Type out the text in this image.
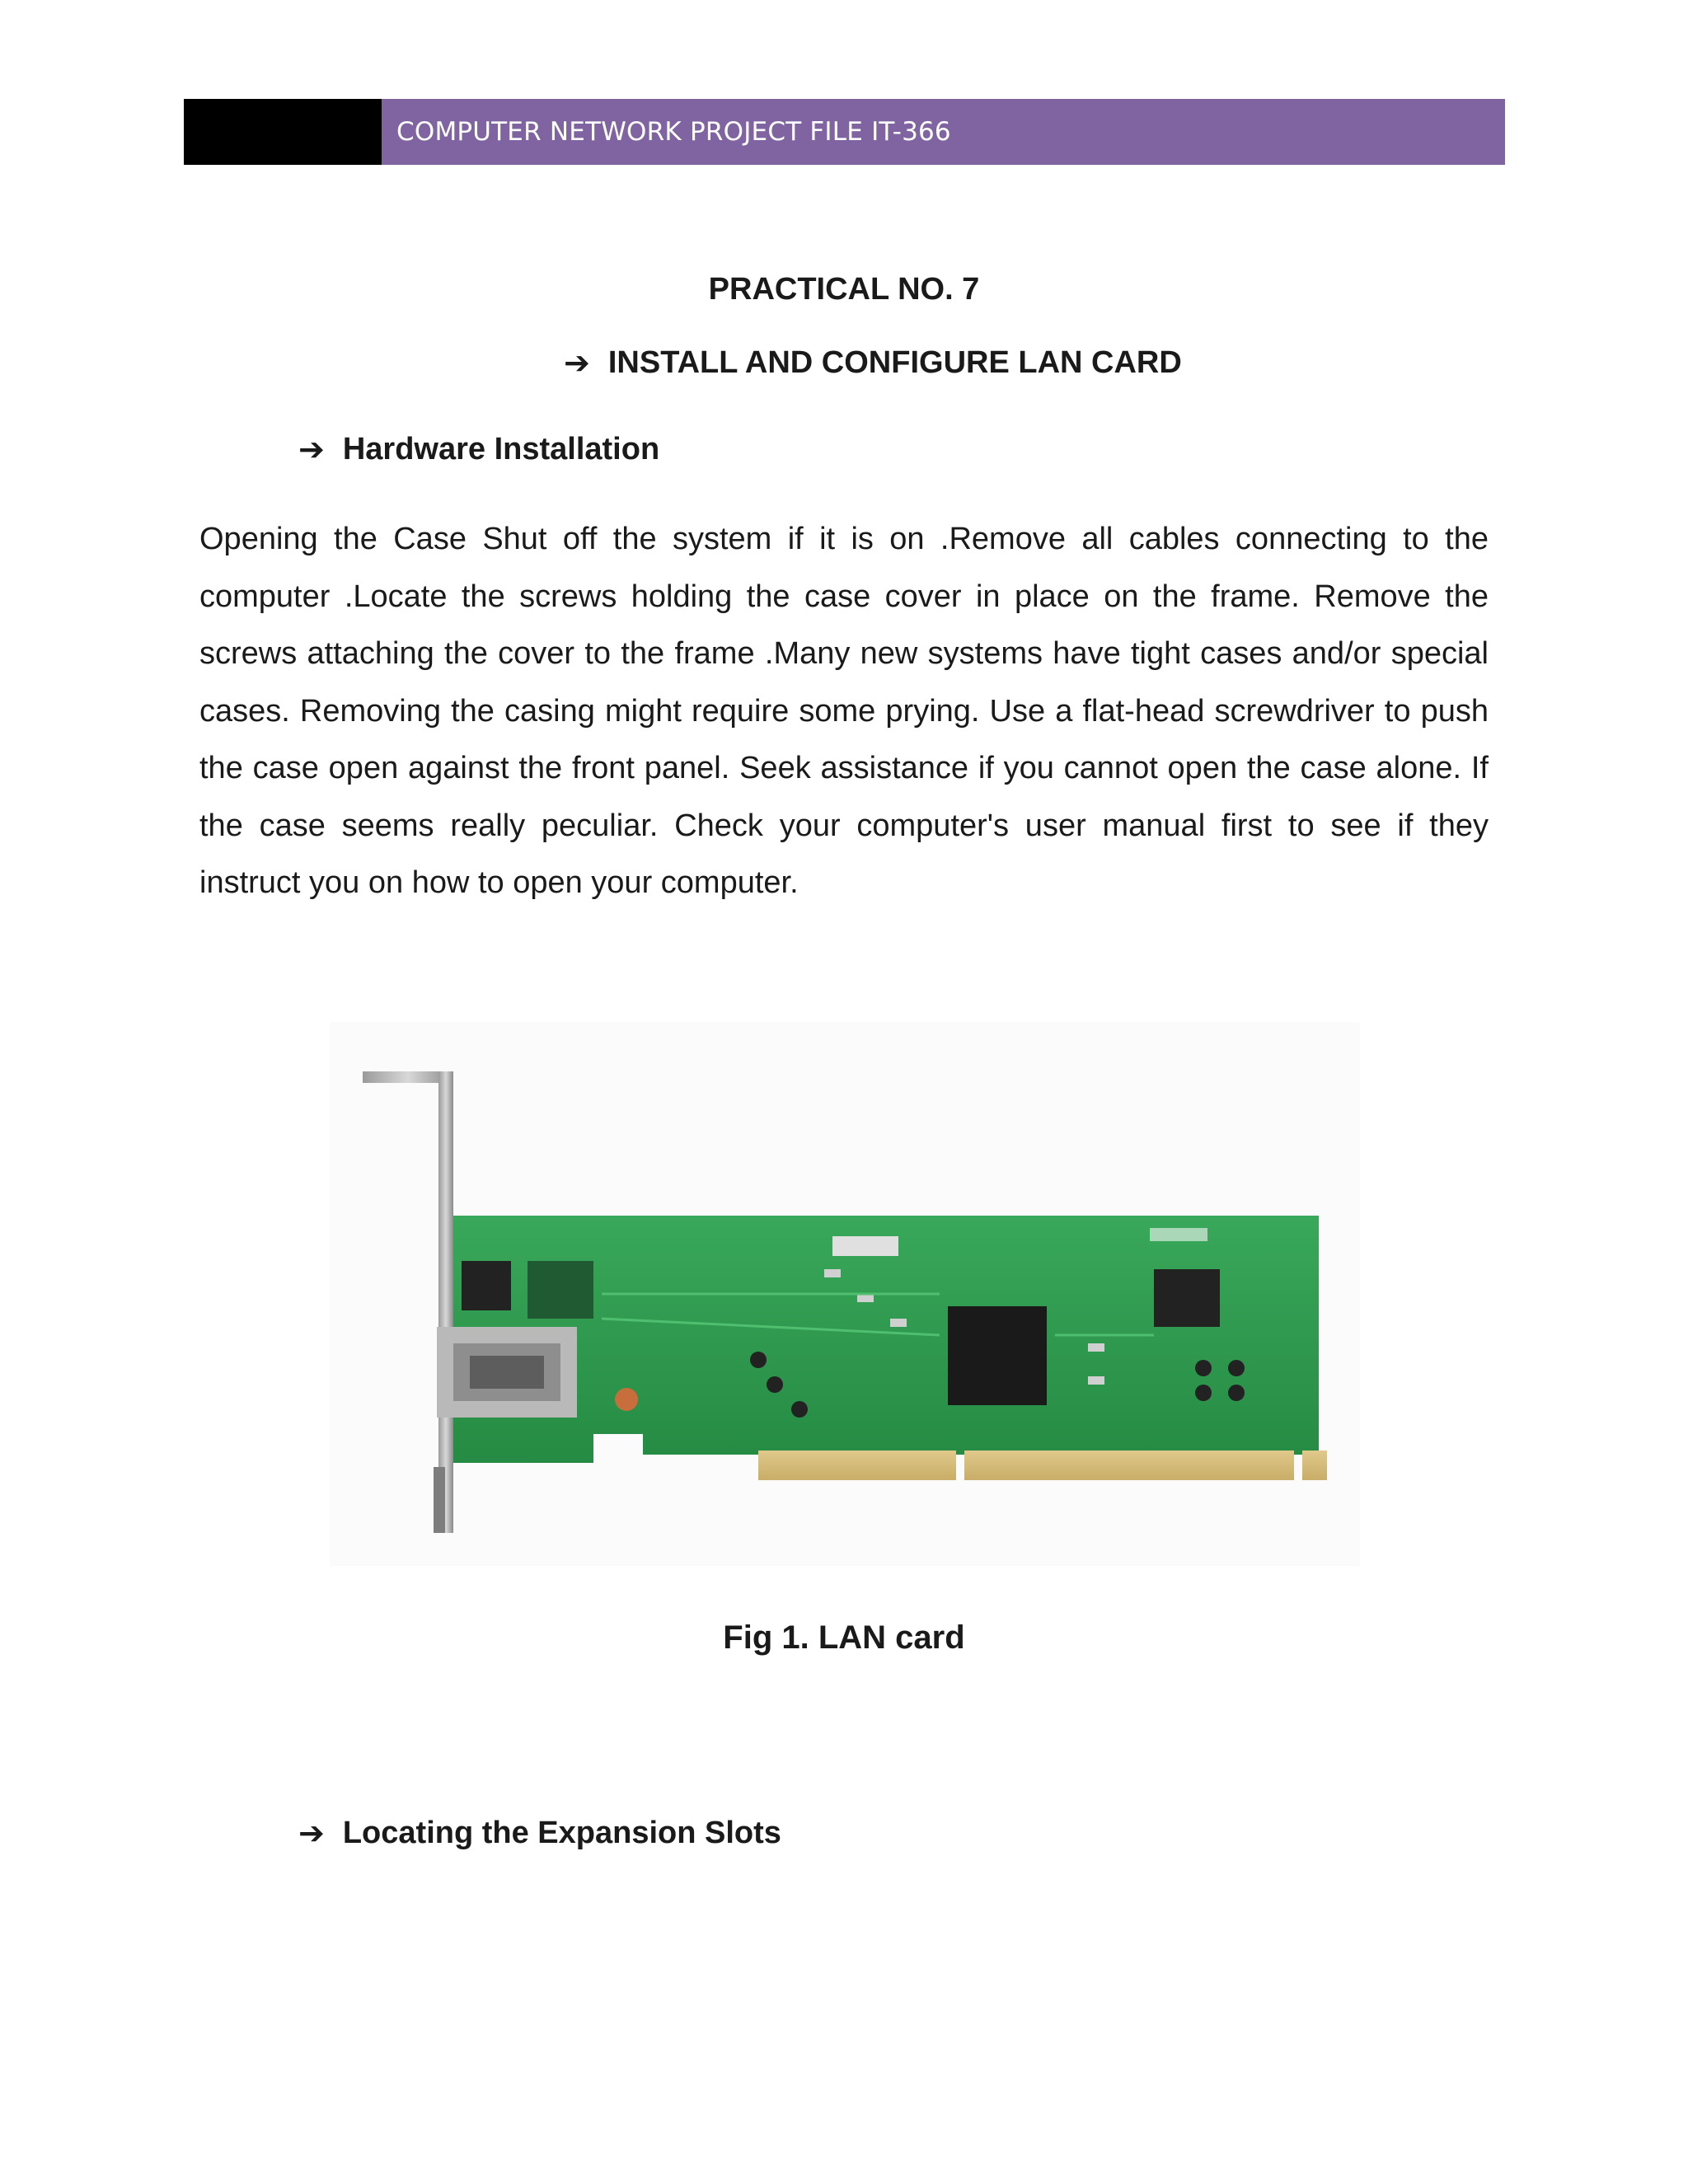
COMPUTER NETWORK PROJECT FILE IT-366
PRACTICAL NO. 7
➔ INSTALL AND CONFIGURE LAN CARD
➔ Hardware Installation

Opening the Case Shut off the system if it is on .Remove all cables connecting to the computer .Locate the screws holding the case cover in place on the frame. Remove the screws attaching the cover to the frame .Many new systems have tight cases and/or special cases. Removing the casing might require some prying. Use a flat-head screwdriver to push the case open against the front panel. Seek assistance if you cannot open the case alone. If the case seems really peculiar. Check your computer's user manual first to see if they instruct you on how to open your computer.

Fig 1. LAN card
➔ Locating the Expansion Slots
